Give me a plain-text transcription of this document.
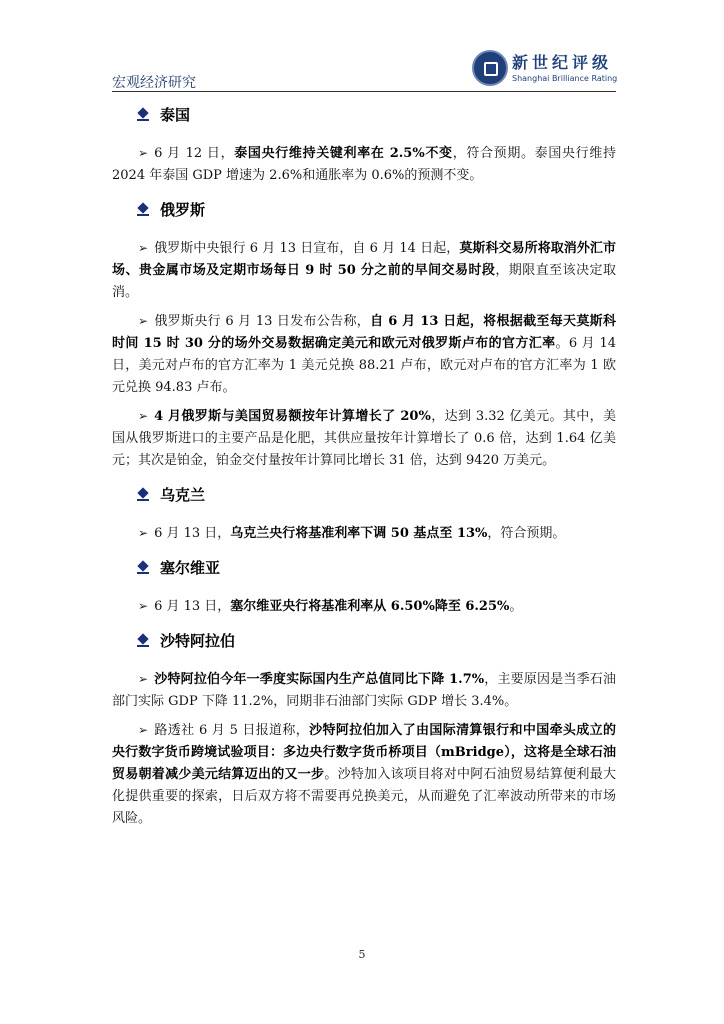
宏观经济研究
新世纪评级
Shanghai Brilliance Rating
泰国

➢ 6 月 12 日，泰国央行维持关键利率在 2.5%不变，符合预期。泰国央行维持 2024 年泰国 GDP 增速为 2.6%和通胀率为 0.6%的预测不变。

俄罗斯

➢ 俄罗斯中央银行 6 月 13 日宣布，自 6 月 14 日起，莫斯科交易所将取消外汇市场、贵金属市场及定期市场每日 9 时 50 分之前的早间交易时段，期限直至该决定取消。

➢ 俄罗斯央行 6 月 13 日发布公告称，自 6 月 13 日起，将根据截至每天莫斯科时间 15 时 30 分的场外交易数据确定美元和欧元对俄罗斯卢布的官方汇率。6 月 14 日，美元对卢布的官方汇率为 1 美元兑换 88.21 卢布，欧元对卢布的官方汇率为 1 欧元兑换 94.83 卢布。

➢ 4 月俄罗斯与美国贸易额按年计算增长了 20%，达到 3.32 亿美元。其中，美国从俄罗斯进口的主要产品是化肥，其供应量按年计算增长了 0.6 倍，达到 1.64 亿美元；其次是铂金，铂金交付量按年计算同比增长 31 倍，达到 9420 万美元。

乌克兰

➢ 6 月 13 日，乌克兰央行将基准利率下调 50 基点至 13%，符合预期。

塞尔维亚

➢ 6 月 13 日，塞尔维亚央行将基准利率从 6.50%降至 6.25%。

沙特阿拉伯

➢ 沙特阿拉伯今年一季度实际国内生产总值同比下降 1.7%，主要原因是当季石油部门实际 GDP 下降 11.2%，同期非石油部门实际 GDP 增长 3.4%。

➢ 路透社 6 月 5 日报道称，沙特阿拉伯加入了由国际清算银行和中国牵头成立的央行数字货币跨境试验项目：多边央行数字货币桥项目（mBridge），这将是全球石油贸易朝着减少美元结算迈出的又一步。沙特加入该项目将对中阿石油贸易结算便利最大化提供重要的探索，日后双方将不需要再兑换美元，从而避免了汇率波动所带来的市场风险。

5
